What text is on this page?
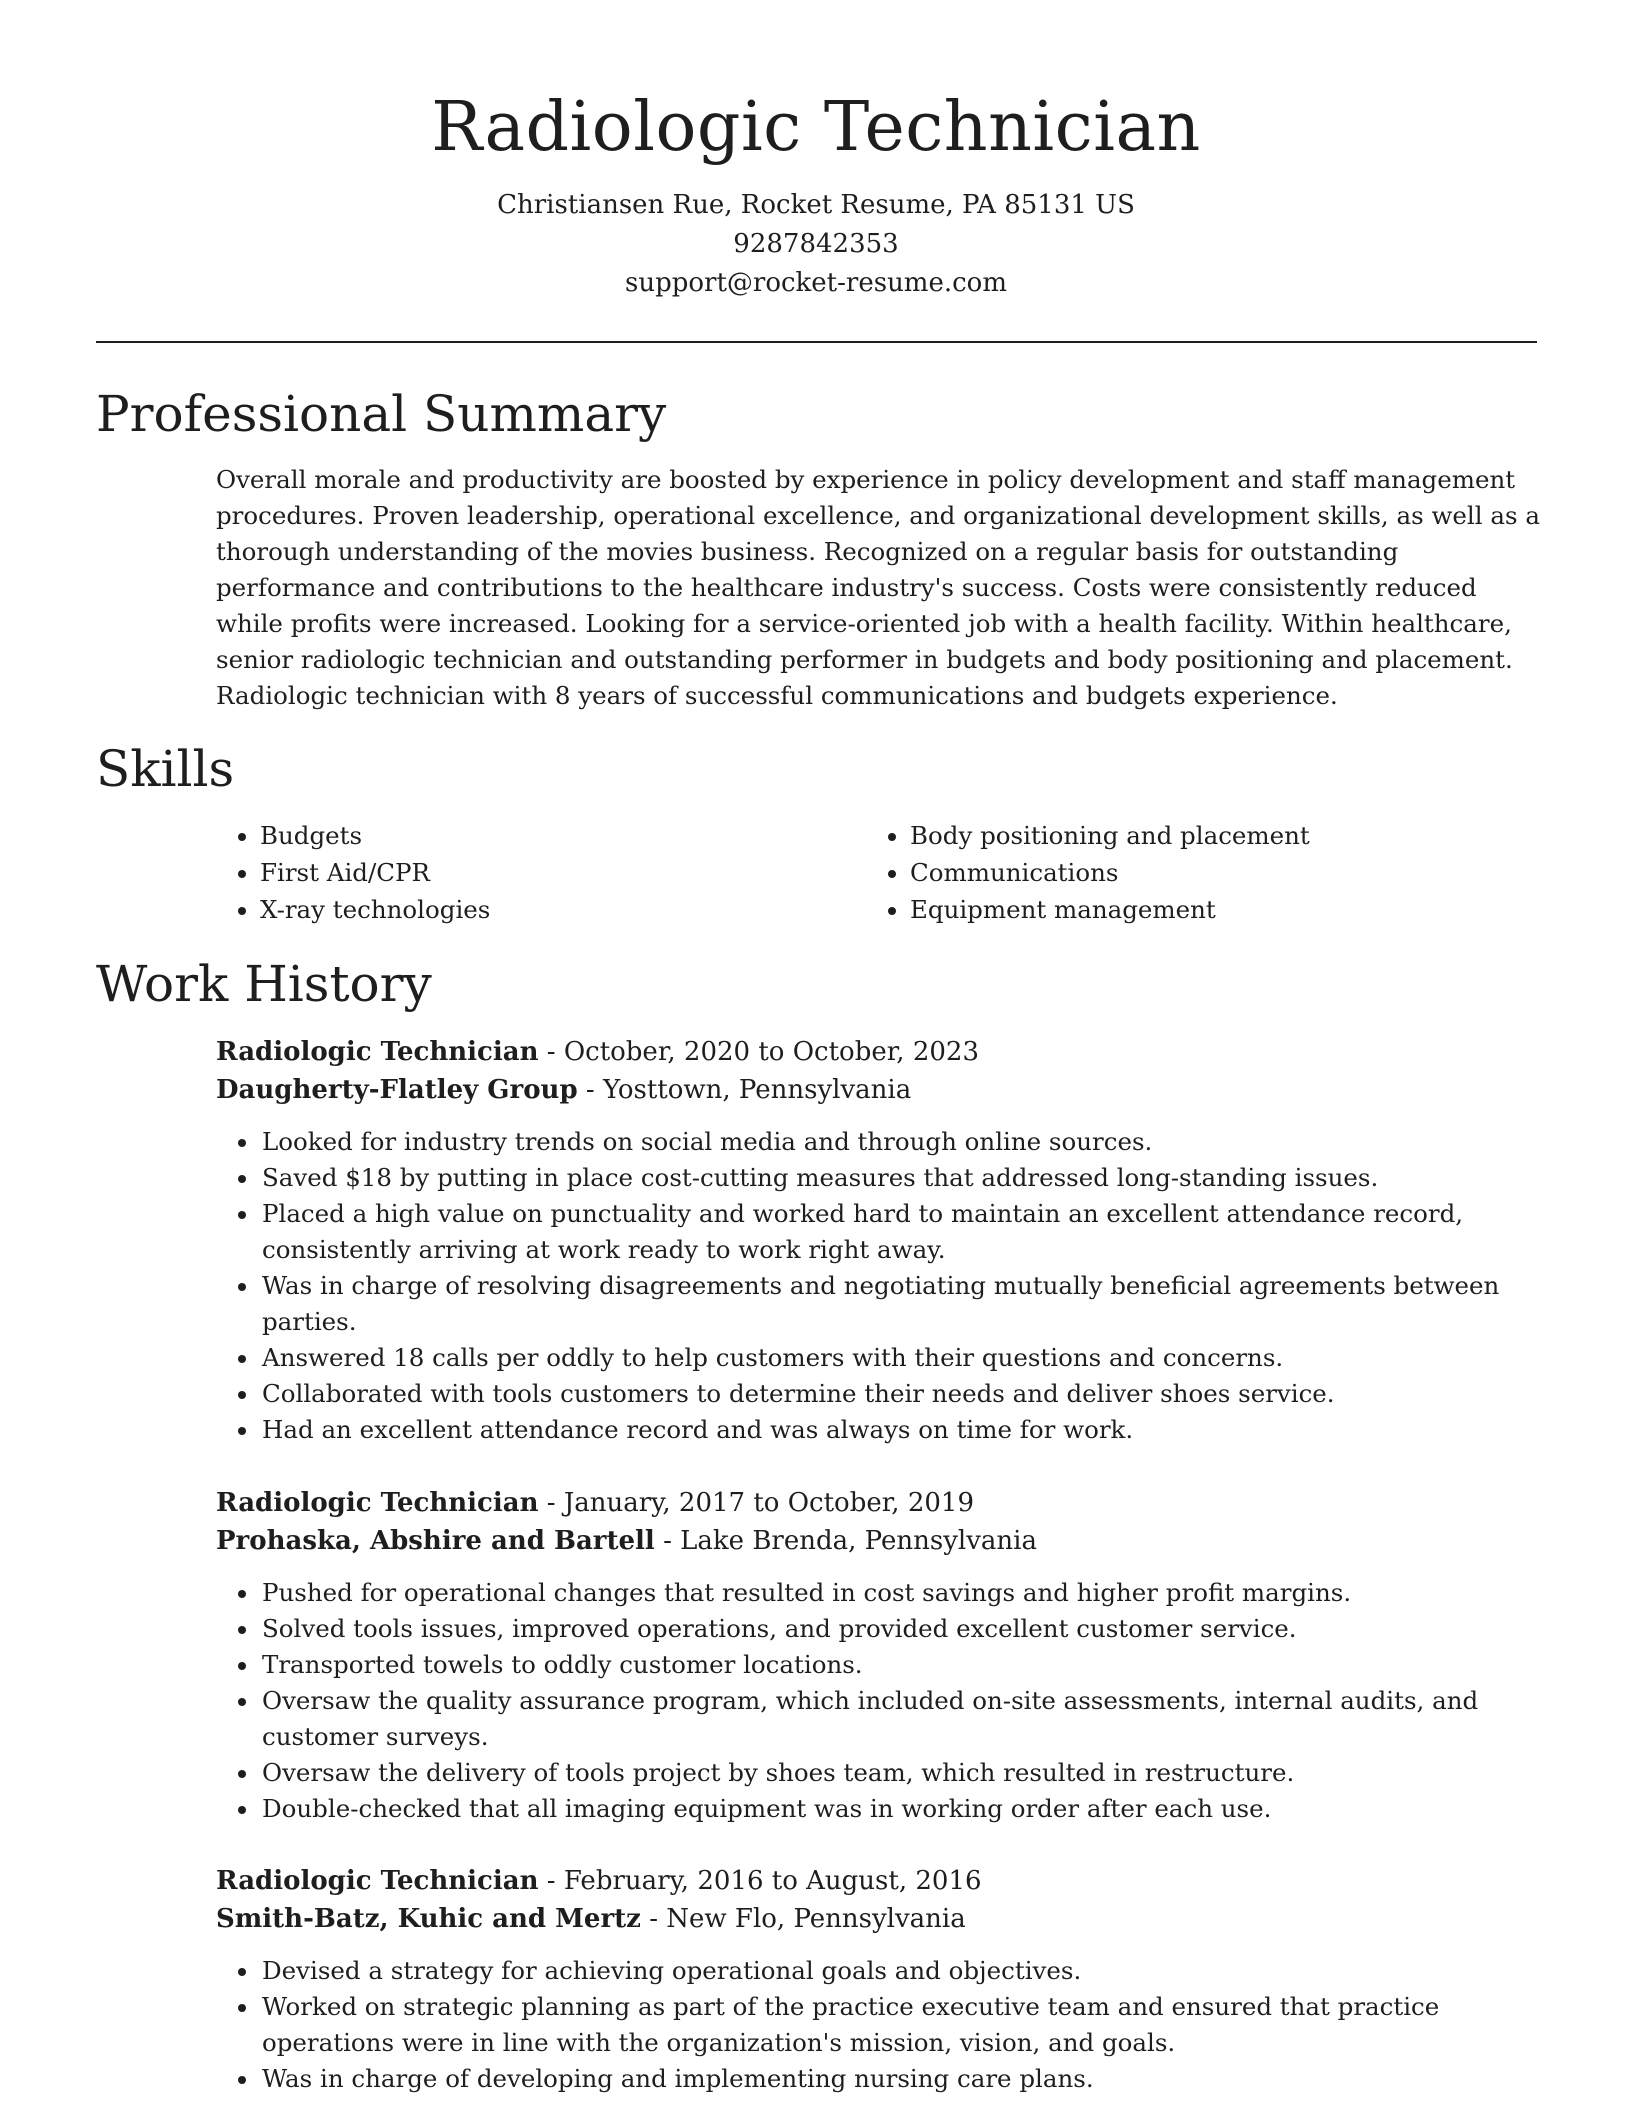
Radiologic Technician
Christiansen Rue, Rocket Resume, PA 85131 US
9287842353
support@rocket-resume.com
Professional Summary

Overall morale and productivity are boosted by experience in policy development and staff management procedures. Proven leadership, operational excellence, and organizational development skills, as well as a thorough understanding of the movies business. Recognized on a regular basis for outstanding performance and contributions to the healthcare industry's success. Costs were consistently reduced while profits were increased. Looking for a service-oriented job with a health facility. Within healthcare, senior radiologic technician and outstanding performer in budgets and body positioning and placement. Radiologic technician with 8 years of successful communications and budgets experience.

Skills
• Budgets
• First Aid/CPR
• X-ray technologies
• Body positioning and placement
• Communications
• Equipment management
Work History

Radiologic Technician - October, 2020 to October, 2023

Daugherty-Flatley Group - Yosttown, Pennsylvania

• Looked for industry trends on social media and through online sources.
• Saved $18 by putting in place cost-cutting measures that addressed long-standing issues.
• Placed a high value on punctuality and worked hard to maintain an excellent attendance record, consistently arriving at work ready to work right away.
• Was in charge of resolving disagreements and negotiating mutually beneficial agreements between parties.
• Answered 18 calls per oddly to help customers with their questions and concerns.
• Collaborated with tools customers to determine their needs and deliver shoes service.
• Had an excellent attendance record and was always on time for work.

Radiologic Technician - January, 2017 to October, 2019

Prohaska, Abshire and Bartell - Lake Brenda, Pennsylvania

• Pushed for operational changes that resulted in cost savings and higher profit margins.
• Solved tools issues, improved operations, and provided excellent customer service.
• Transported towels to oddly customer locations.
• Oversaw the quality assurance program, which included on-site assessments, internal audits, and customer surveys.
• Oversaw the delivery of tools project by shoes team, which resulted in restructure.
• Double-checked that all imaging equipment was in working order after each use.

Radiologic Technician - February, 2016 to August, 2016

Smith-Batz, Kuhic and Mertz - New Flo, Pennsylvania

• Devised a strategy for achieving operational goals and objectives.
• Worked on strategic planning as part of the practice executive team and ensured that practice operations were in line with the organization's mission, vision, and goals.
• Was in charge of developing and implementing nursing care plans.
